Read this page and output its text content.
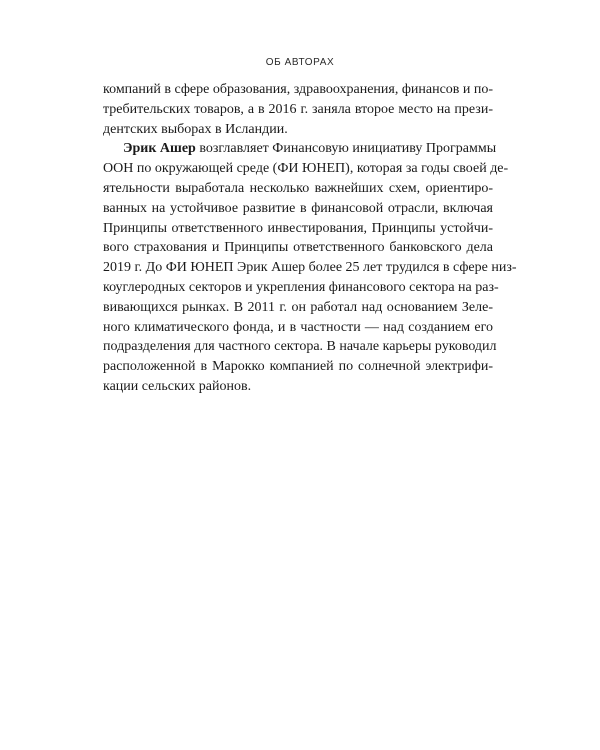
ОБ АВТОРАХ
компаний в сфере образования, здравоохранения, финансов и по-
требительских товаров, а в 2016 г. заняла второе место на прези-
дентских выборах в Исландии.
Эрик Ашер возглавляет Финансовую инициативу Программы
ООН по окружающей среде (ФИ ЮНЕП), которая за годы своей де-
ятельности выработала несколько важнейших схем, ориентиро-
ванных на устойчивое развитие в финансовой отрасли, включая
Принципы ответственного инвестирования, Принципы устойчи-
вого страхования и Принципы ответственного банковского дела
2019 г. До ФИ ЮНЕП Эрик Ашер более 25 лет трудился в сфере низ-
коуглеродных секторов и укрепления финансового сектора на раз-
вивающихся рынках. В 2011 г. он работал над основанием Зеле-
ного климатического фонда, и в частности — над созданием его
подразделения для частного сектора. В начале карьеры руководил
расположенной в Марокко компанией по солнечной электрифи-
кации сельских районов.
